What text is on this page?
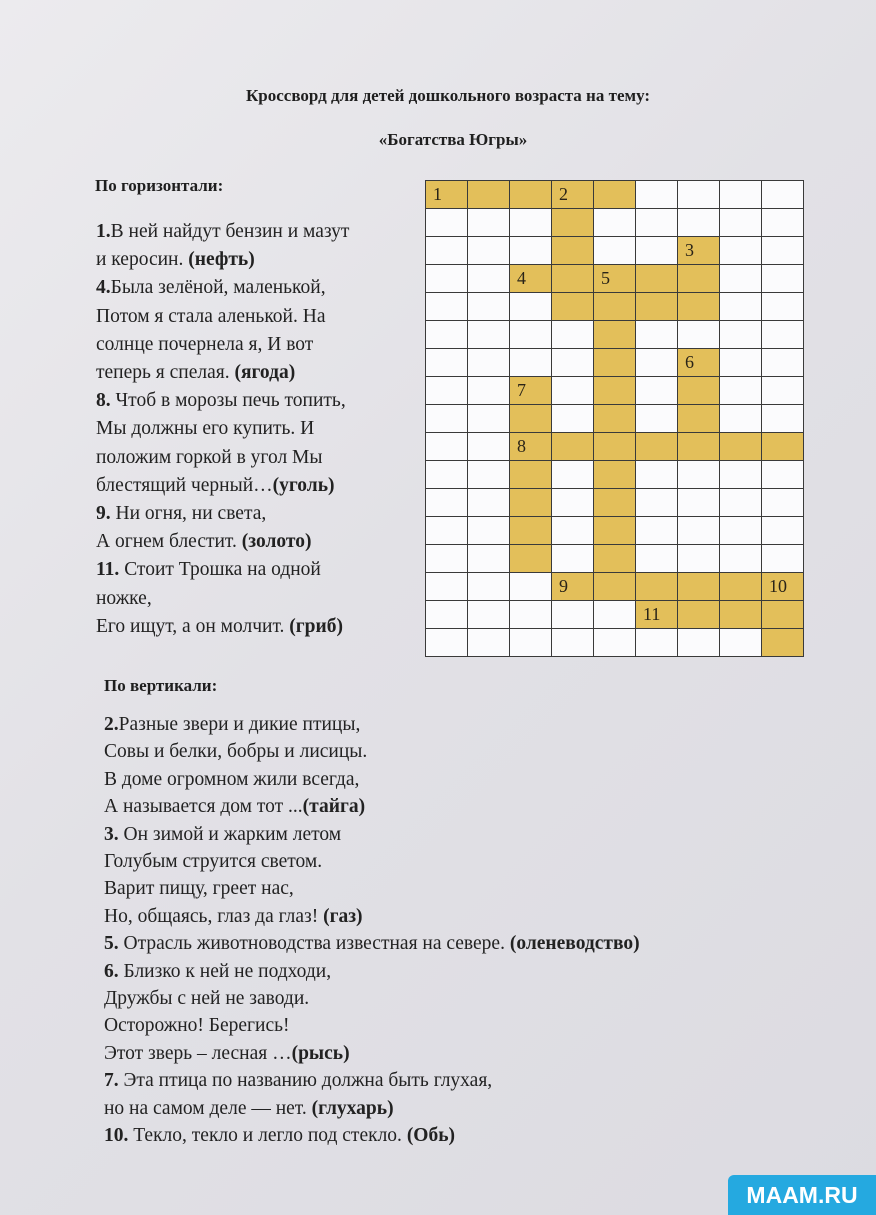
Кроссворд для детей дошкольного возраста на тему:
«Богатства Югры»
По горизонтали:
1.В ней найдут бензин и мазут
и керосин. (нефть)
4.Была зелёной, маленькой,
Потом я стала аленькой. На
солнце почернела я, И вот
теперь я спелая. (ягода)
8. Чтоб в морозы печь топить,
Мы должны его купить. И
положим горкой в угол Мы
блестящий черный…(уголь)
9. Ни огня, ни света,
А огнем блестит. (золото)
11. Стоит Трошка на одной
ножке,
Его ищут, а он молчит. (гриб)
1	2
3
4	5
6
7
8
9	10
11
По вертикали:
2.Разные звери и дикие птицы,
Совы и белки, бобры и лисицы.
В доме огромном жили всегда,
А называется дом тот ...(тайга)
3. Он зимой и жарким летом
Голубым струится светом.
Варит пищу, греет нас,
Но, общаясь, глаз да глаз! (газ)
5. Отрасль животноводства известная на севере. (оленеводство)
6. Близко к ней не подходи,
Дружбы с ней не заводи.
Осторожно! Берегись!
Этот зверь – лесная …(рысь)
7. Эта птица по названию должна быть глухая,
но на самом деле — нет. (глухарь)
10. Текло, текло и легло под стекло. (Обь)
MAAM.RU
